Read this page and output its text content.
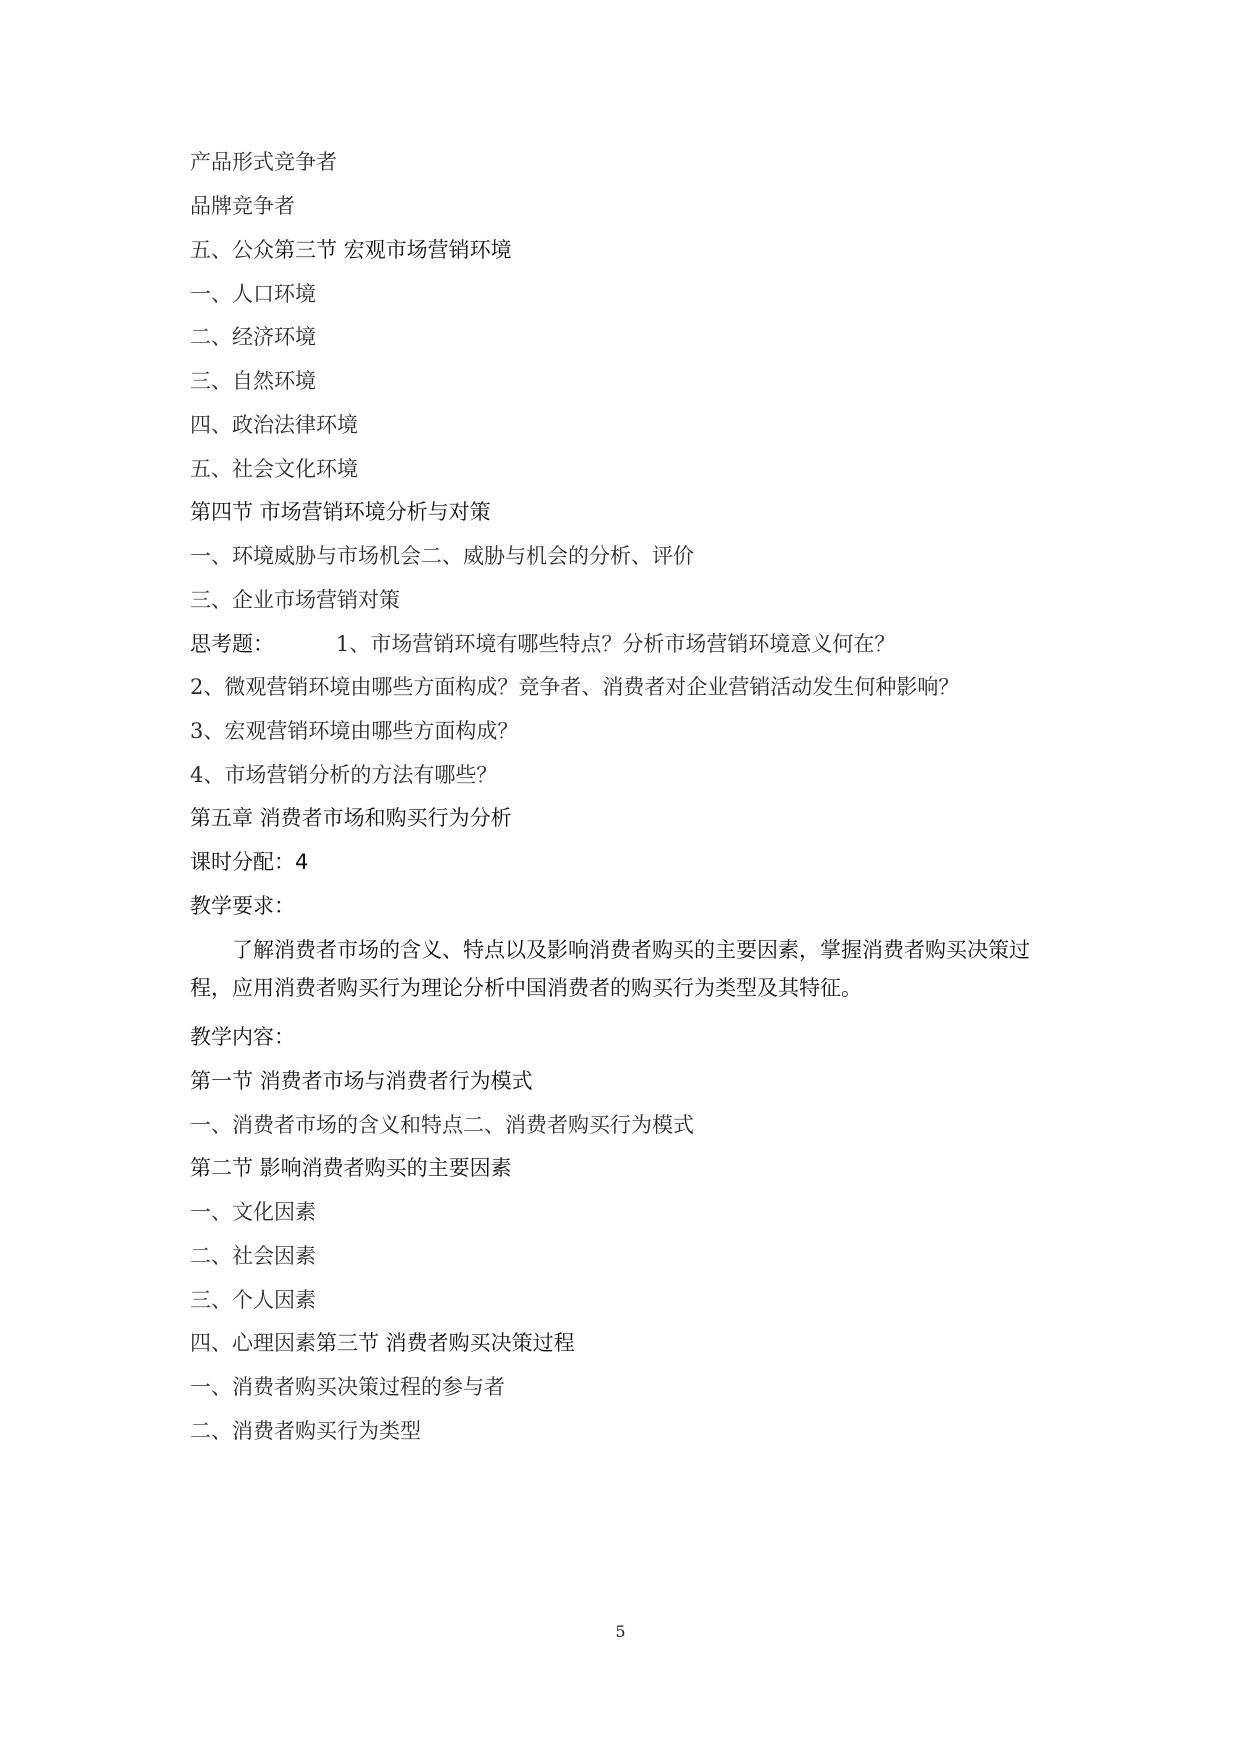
产品形式竞争者
品牌竞争者
五、公众第三节 宏观市场营销环境
一、人口环境
二、经济环境
三、自然环境
四、政治法律环境
五、社会文化环境
第四节 市场营销环境分析与对策
一、环境威胁与市场机会二、威胁与机会的分析、评价
三、企业市场营销对策
思考题：	1、市场营销环境有哪些特点？分析市场营销环境意义何在？
2、微观营销环境由哪些方面构成？竞争者、消费者对企业营销活动发生何种影响？
3、宏观营销环境由哪些方面构成？
4、市场营销分析的方法有哪些？
第五章 消费者市场和购买行为分析
课时分配：4
教学要求：
了解消费者市场的含义、特点以及影响消费者购买的主要因素，掌握消费者购买决策过程，应用消费者购买行为理论分析中国消费者的购买行为类型及其特征。
教学内容：
第一节 消费者市场与消费者行为模式
一、消费者市场的含义和特点二、消费者购买行为模式
第二节 影响消费者购买的主要因素
一、文化因素
二、社会因素
三、个人因素
四、心理因素第三节 消费者购买决策过程
一、消费者购买决策过程的参与者
二、消费者购买行为类型
5
